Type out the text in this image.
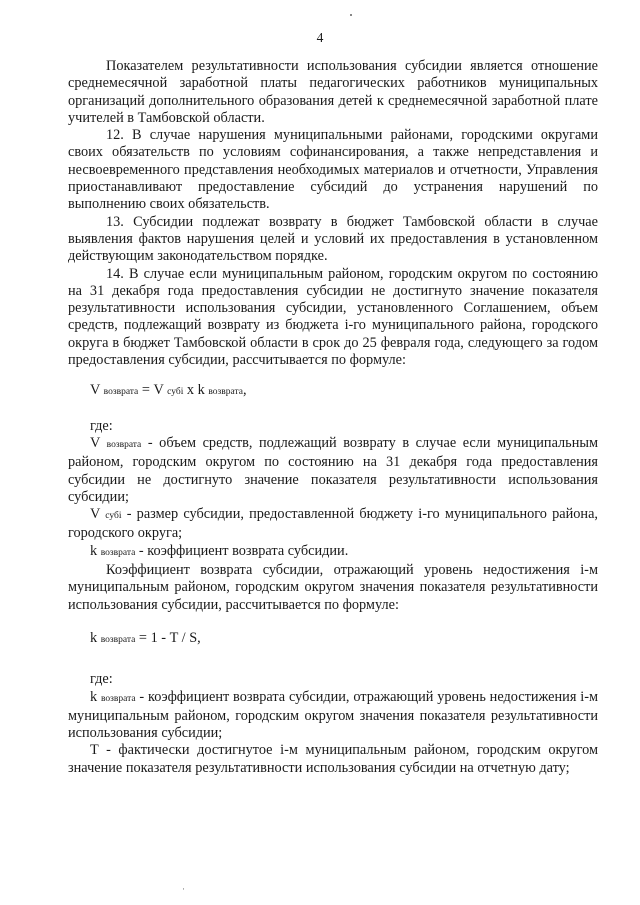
4

Показателем результативности использования субсидии является отношение среднемесячной заработной платы педагогических работников муниципальных организаций дополнительного образования детей к среднемесячной заработной плате учителей в Тамбовской области.

12. В случае нарушения муниципальными районами, городскими округами своих обязательств по условиям софинансирования, а также непредставления и несвоевременного представления необходимых материалов и отчетности, Управления приостанавливают предоставление субсидий до устранения нарушений по выполнению своих обязательств.

13. Субсидии подлежат возврату в бюджет Тамбовской области в случае выявления фактов нарушения целей и условий их предоставления в установленном действующим законодательством порядке.

14. В случае если муниципальным районом, городским округом по состоянию на 31 декабря года предоставления субсидии не достигнуто значение показателя результативности использования субсидии, установленного Соглашением, объем средств, подлежащий возврату из бюджета i-го муниципального района, городского округа в бюджет Тамбовской области в срок до 25 февраля года, следующего за годом предоставления субсидии, рассчитывается по формуле:

V возврата = V субi x k возврата,

где:

V возврата - объем средств, подлежащий возврату в случае если муниципальным районом, городским округом по состоянию на 31 декабря года предоставления субсидии не достигнуто значение показателя результативности использования субсидии;

V субi - размер субсидии, предоставленной бюджету i-го муниципального района, городского округа;

k возврата - коэффициент возврата субсидии.

Коэффициент возврата субсидии, отражающий уровень недостижения i-м муниципальным районом, городским округом значения показателя результативности использования субсидии, рассчитывается по формуле:

k возврата = 1 - T / S,

где:

k возврата - коэффициент возврата субсидии, отражающий уровень недостижения i-м муниципальным районом, городским округом значения показателя результативности использования субсидии;

T - фактически достигнутое i-м муниципальным районом, городским округом значение показателя результативности использования субсидии на отчетную дату;

·
